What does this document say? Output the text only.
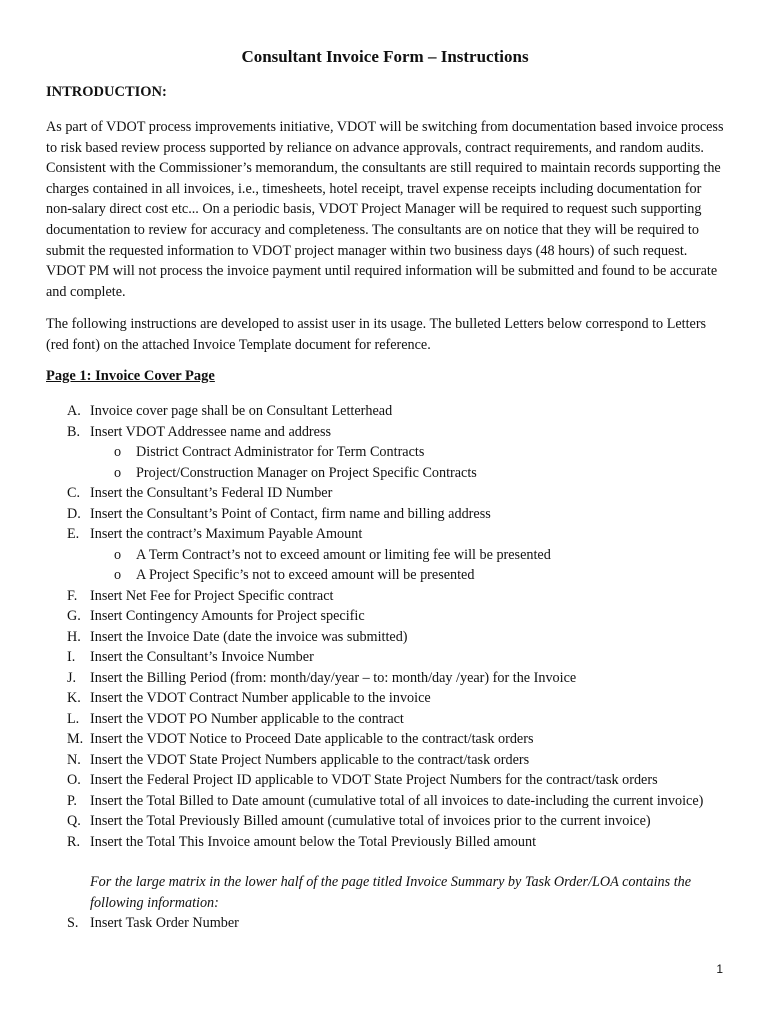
Consultant Invoice Form – Instructions
INTRODUCTION:
As part of VDOT process improvements initiative, VDOT will be switching from documentation based invoice process to risk based review process supported by reliance on advance approvals, contract requirements, and random audits. Consistent with the Commissioner’s memorandum, the consultants are still required to maintain records supporting the charges contained in all invoices, i.e., timesheets, hotel receipt, travel expense receipts including documentation for non-salary direct cost etc... On a periodic basis, VDOT Project Manager will be required to request such supporting documentation to review for accuracy and completeness. The consultants are on notice that they will be required to submit the requested information to VDOT project manager within two business days (48 hours) of such request. VDOT PM will not process the invoice payment until required information will be submitted and found to be accurate and complete.
The following instructions are developed to assist user in its usage. The bulleted Letters below correspond to Letters (red font) on the attached Invoice Template document for reference.
Page 1: Invoice Cover Page
A. Invoice cover page shall be on Consultant Letterhead
B. Insert VDOT Addressee name and address
o District Contract Administrator for Term Contracts
o Project/Construction Manager on Project Specific Contracts
C. Insert the Consultant’s Federal ID Number
D. Insert the Consultant’s Point of Contact, firm name and billing address
E. Insert the contract’s Maximum Payable Amount
o A Term Contract’s not to exceed amount or limiting fee will be presented
o A Project Specific’s not to exceed amount will be presented
F. Insert Net Fee for Project Specific contract
G. Insert Contingency Amounts for Project specific
H. Insert the Invoice Date (date the invoice was submitted)
I. Insert the Consultant’s Invoice Number
J. Insert the Billing Period (from: month/day/year – to: month/day /year) for the Invoice
K. Insert the VDOT Contract Number applicable to the invoice
L. Insert the VDOT PO Number applicable to the contract
M. Insert the VDOT Notice to Proceed Date applicable to the contract/task orders
N. Insert the VDOT State Project Numbers applicable to the contract/task orders
O. Insert the Federal Project ID applicable to VDOT State Project Numbers for the contract/task orders
P. Insert the Total Billed to Date amount (cumulative total of all invoices to date-including the current invoice)
Q. Insert the Total Previously Billed amount (cumulative total of invoices prior to the current invoice)
R. Insert the Total This Invoice amount below the Total Previously Billed amount
For the large matrix in the lower half of the page titled Invoice Summary by Task Order/LOA contains the following information:
S. Insert Task Order Number
1
